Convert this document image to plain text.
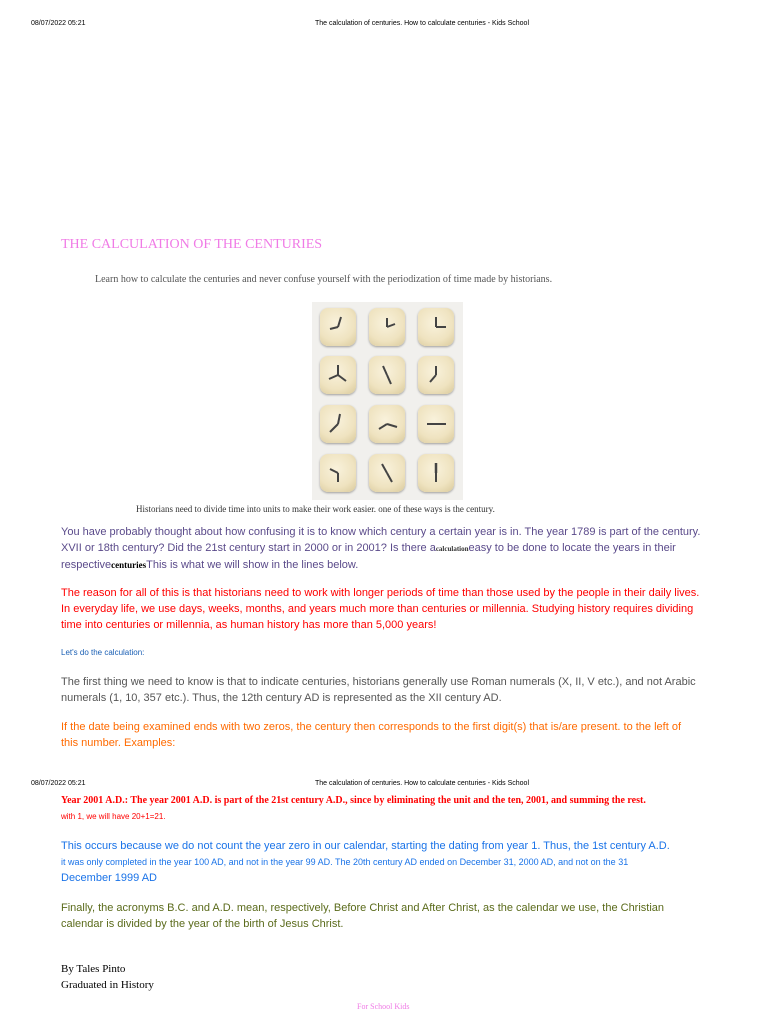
08/07/2022 05:21	The calculation of centuries. How to calculate centuries - Kids School
THE CALCULATION OF THE CENTURIES
Learn how to calculate the centuries and never confuse yourself with the periodization of time made by historians.
Historians need to divide time into units to make their work easier. one of these ways is the century.
You have probably thought about how confusing it is to know which century a certain year is in. The year 1789 is part of the century. XVII or 18th century? Did the 21st century start in 2000 or in 2001? Is there acalculationeasy to be done to locate the years in their respectivecenturiesThis is what we will show in the lines below.
The reason for all of this is that historians need to work with longer periods of time than those used by the people in their daily lives. In everyday life, we use days, weeks, months, and years much more than centuries or millennia. Studying history requires dividing time into centuries or millennia, as human history has more than 5,000 years!
Let's do the calculation:
The first thing we need to know is that to indicate centuries, historians generally use Roman numerals (X, II, V etc.), and not Arabic numerals (1, 10, 357 etc.). Thus, the 12th century AD is represented as the XII century AD.
If the date being examined ends with two zeros, the century then corresponds to the first digit(s) that is/are present. to the left of this number. Examples:
08/07/2022 05:21	The calculation of centuries. How to calculate centuries - Kids School
Year 2001 A.D.: The year 2001 A.D. is part of the 21st century A.D., since by eliminating the unit and the ten, 2001, and summing the rest.
with 1, we will have 20+1=21.
This occurs because we do not count the year zero in our calendar, starting the dating from year 1. Thus, the 1st century A.D.
it was only completed in the year 100 AD, and not in the year 99 AD. The 20th century AD ended on December 31, 2000 AD, and not on the 31
December 1999 AD
Finally, the acronyms B.C. and A.D. mean, respectively, Before Christ and After Christ, as the calendar we use, the Christian calendar is divided by the year of the birth of Jesus Christ.
By Tales Pinto
Graduated in History
For School Kids
